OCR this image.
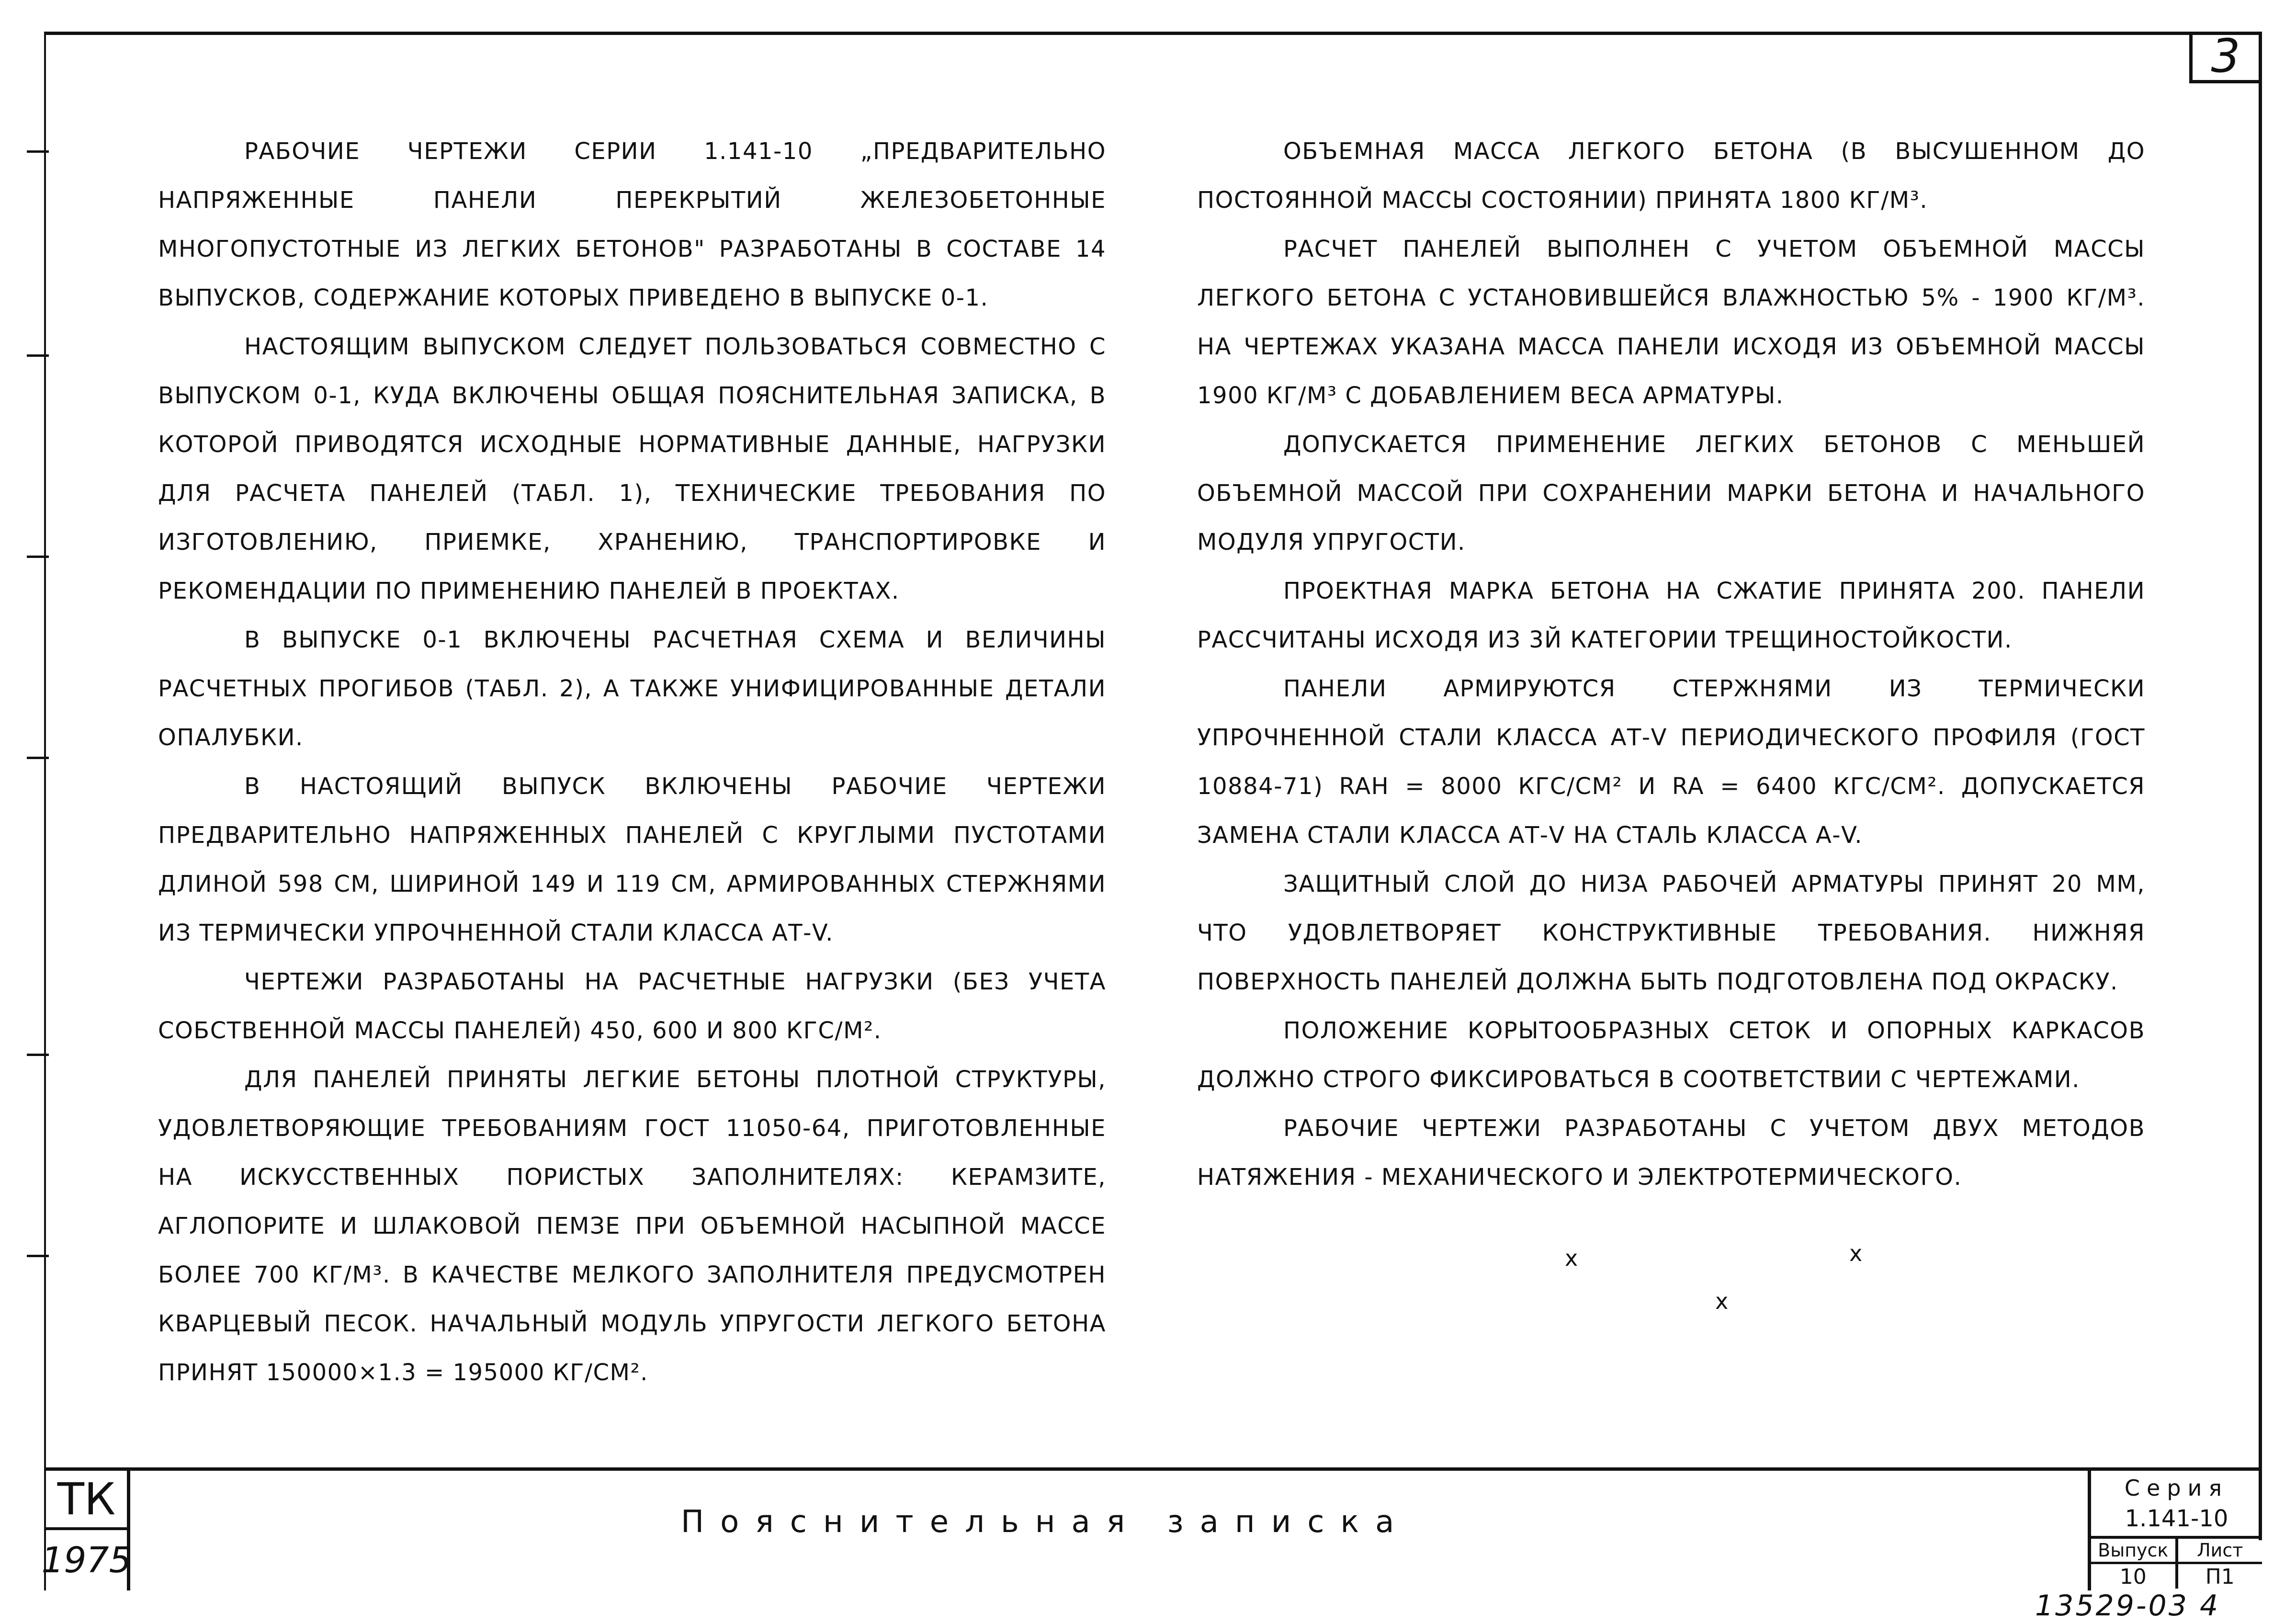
3

РАБОЧИЕ ЧЕРТЕЖИ СЕРИИ 1.141-10 „ПРЕДВАРИТЕЛЬНО НАПРЯЖЕННЫЕ ПАНЕЛИ ПЕРЕКРЫТИЙ ЖЕЛЕЗОБЕТОННЫЕ МНОГОПУСТОТНЫЕ ИЗ ЛЕГКИХ БЕТОНОВ" РАЗРАБОТАНЫ В СОСТАВЕ 14 ВЫПУСКОВ, СОДЕРЖАНИЕ КОТОРЫХ ПРИВЕДЕНО В ВЫПУСКЕ 0-1.

НАСТОЯЩИМ ВЫПУСКОМ СЛЕДУЕТ ПОЛЬЗОВАТЬСЯ СОВМЕСТНО С ВЫПУСКОМ 0-1, КУДА ВКЛЮЧЕНЫ ОБЩАЯ ПОЯСНИТЕЛЬНАЯ ЗАПИСКА, В КОТОРОЙ ПРИВОДЯТСЯ ИСХОДНЫЕ НОРМАТИВНЫЕ ДАННЫЕ, НАГРУЗКИ ДЛЯ РАСЧЕТА ПАНЕЛЕЙ (ТАБЛ. 1), ТЕХНИЧЕСКИЕ ТРЕБОВАНИЯ ПО ИЗГОТОВЛЕНИЮ, ПРИЕМКЕ, ХРАНЕНИЮ, ТРАНСПОРТИРОВКЕ И РЕКОМЕНДАЦИИ ПО ПРИМЕНЕНИЮ ПАНЕЛЕЙ В ПРОЕКТАХ.

В ВЫПУСКЕ 0-1 ВКЛЮЧЕНЫ РАСЧЕТНАЯ СХЕМА И ВЕЛИЧИНЫ РАСЧЕТНЫХ ПРОГИБОВ (ТАБЛ. 2), А ТАКЖЕ УНИФИЦИРОВАННЫЕ ДЕТАЛИ ОПАЛУБКИ.

В НАСТОЯЩИЙ ВЫПУСК ВКЛЮЧЕНЫ РАБОЧИЕ ЧЕРТЕЖИ ПРЕДВАРИТЕЛЬНО НАПРЯЖЕННЫХ ПАНЕЛЕЙ С КРУГЛЫМИ ПУСТОТАМИ ДЛИНОЙ 598 СМ, ШИРИНОЙ 149 И 119 СМ, АРМИРОВАННЫХ СТЕРЖНЯМИ ИЗ ТЕРМИЧЕСКИ УПРОЧНЕННОЙ СТАЛИ КЛАССА АТ-V.

ЧЕРТЕЖИ РАЗРАБОТАНЫ НА РАСЧЕТНЫЕ НАГРУЗКИ (БЕЗ УЧЕТА СОБСТВЕННОЙ МАССЫ ПАНЕЛЕЙ) 450, 600 И 800 КГС/М².

ДЛЯ ПАНЕЛЕЙ ПРИНЯТЫ ЛЕГКИЕ БЕТОНЫ ПЛОТНОЙ СТРУКТУРЫ, УДОВЛЕТВОРЯЮЩИЕ ТРЕБОВАНИЯМ ГОСТ 11050-64, ПРИГОТОВЛЕННЫЕ НА ИСКУССТВЕННЫХ ПОРИСТЫХ ЗАПОЛНИТЕЛЯХ: КЕРАМЗИТЕ, АГЛОПОРИТЕ И ШЛАКОВОЙ ПЕМЗЕ ПРИ ОБЪЕМНОЙ НАСЫПНОЙ МАССЕ БОЛЕЕ 700 КГ/М³. В КАЧЕСТВЕ МЕЛКОГО ЗАПОЛНИТЕЛЯ ПРЕДУСМОТРЕН КВАРЦЕВЫЙ ПЕСОК. НАЧАЛЬНЫЙ МОДУЛЬ УПРУГОСТИ ЛЕГКОГО БЕТОНА ПРИНЯТ 150000×1.3 = 195000 КГ/СМ².

ОБЪЕМНАЯ МАССА ЛЕГКОГО БЕТОНА (В ВЫСУШЕННОМ ДО ПОСТОЯННОЙ МАССЫ СОСТОЯНИИ) ПРИНЯТА 1800 КГ/М³.

РАСЧЕТ ПАНЕЛЕЙ ВЫПОЛНЕН С УЧЕТОМ ОБЪЕМНОЙ МАССЫ ЛЕГКОГО БЕТОНА С УСТАНОВИВШЕЙСЯ ВЛАЖНОСТЬЮ 5% - 1900 КГ/М³. НА ЧЕРТЕЖАХ УКАЗАНА МАССА ПАНЕЛИ ИСХОДЯ ИЗ ОБЪЕМНОЙ МАССЫ 1900 КГ/М³ С ДОБАВЛЕНИЕМ ВЕСА АРМАТУРЫ.

ДОПУСКАЕТСЯ ПРИМЕНЕНИЕ ЛЕГКИХ БЕТОНОВ С МЕНЬШЕЙ ОБЪЕМНОЙ МАССОЙ ПРИ СОХРАНЕНИИ МАРКИ БЕТОНА И НАЧАЛЬНОГО МОДУЛЯ УПРУГОСТИ.

ПРОЕКТНАЯ МАРКА БЕТОНА НА СЖАТИЕ ПРИНЯТА 200. ПАНЕЛИ РАССЧИТАНЫ ИСХОДЯ ИЗ 3Й КАТЕГОРИИ ТРЕЩИНОСТОЙКОСТИ.

ПАНЕЛИ АРМИРУЮТСЯ СТЕРЖНЯМИ ИЗ ТЕРМИЧЕСКИ УПРОЧНЕННОЙ СТАЛИ КЛАССА АТ-V ПЕРИОДИЧЕСКОГО ПРОФИЛЯ (ГОСТ 10884-71) RAН = 8000 КГС/СМ² И RA = 6400 КГС/СМ². ДОПУСКАЕТСЯ ЗАМЕНА СТАЛИ КЛАССА АТ-V НА СТАЛЬ КЛАССА А-V.

ЗАЩИТНЫЙ СЛОЙ ДО НИЗА РАБОЧЕЙ АРМАТУРЫ ПРИНЯТ 20 ММ, ЧТО УДОВЛЕТВОРЯЕТ КОНСТРУКТИВНЫЕ ТРЕБОВАНИЯ. НИЖНЯЯ ПОВЕРХНОСТЬ ПАНЕЛЕЙ ДОЛЖНА БЫТЬ ПОДГОТОВЛЕНА ПОД ОКРАСКУ.

ПОЛОЖЕНИЕ КОРЫТООБРАЗНЫХ СЕТОК И ОПОРНЫХ КАРКАСОВ ДОЛЖНО СТРОГО ФИКСИРОВАТЬСЯ В СООТВЕТСТВИИ С ЧЕРТЕЖАМИ.

РАБОЧИЕ ЧЕРТЕЖИ РАЗРАБОТАНЫ С УЧЕТОМ ДВУХ МЕТОДОВ НАТЯЖЕНИЯ - МЕХАНИЧЕСКОГО И ЭЛЕКТРОТЕРМИЧЕСКОГО.

x	x
x
ТК
1975
Пояснительная записка
Серия
1.141-10
Выпуск
10
Лист
П1
13529-03 4
